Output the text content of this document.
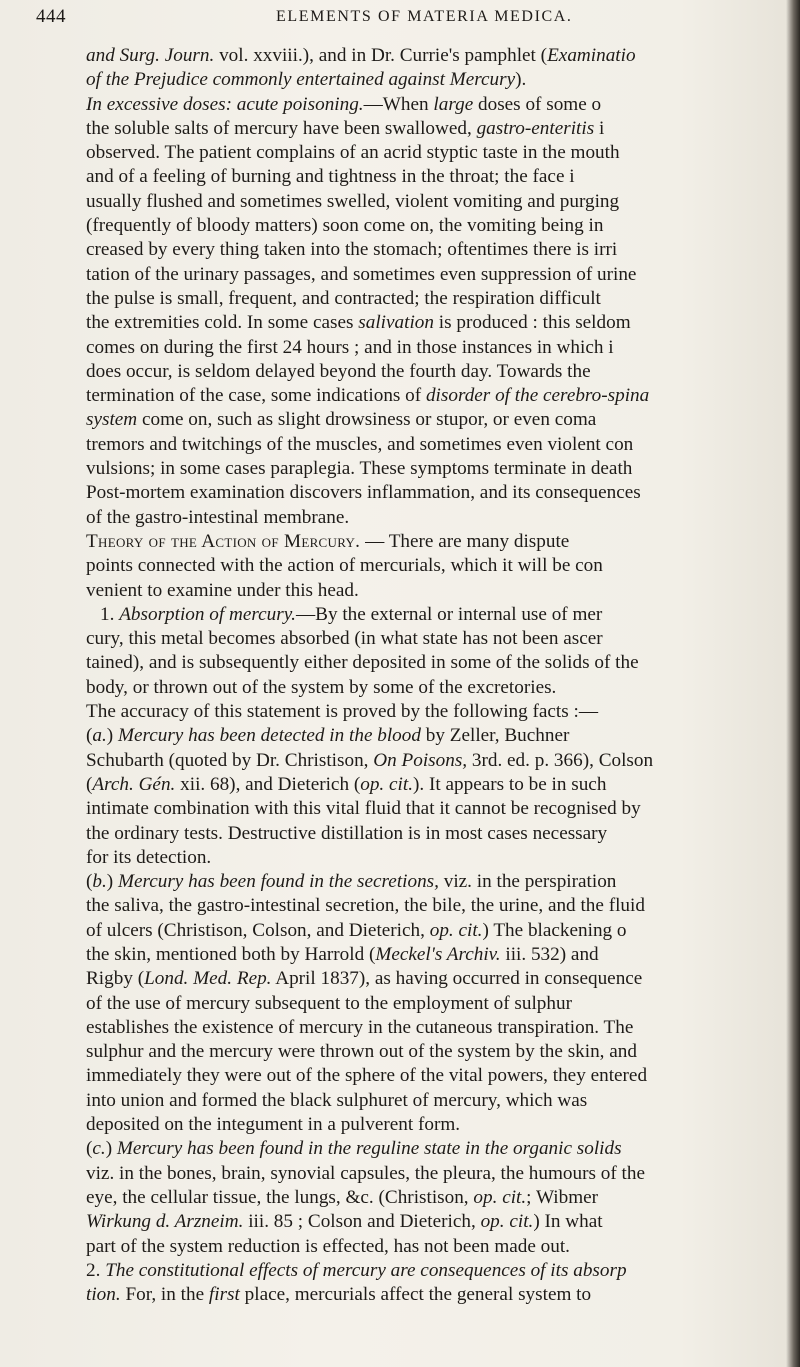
444	ELEMENTS OF MATERIA MEDICA.
and Surg. Journ. vol. xxviii.), and in Dr. Currie's pamphlet (Examinatio
of the Prejudice commonly entertained against Mercury).
In excessive doses: acute poisoning.—When large doses of some o
the soluble salts of mercury have been swallowed, gastro-enteritis i
observed. The patient complains of an acrid styptic taste in the mouth
and of a feeling of burning and tightness in the throat; the face i
usually flushed and sometimes swelled, violent vomiting and purging
(frequently of bloody matters) soon come on, the vomiting being in
creased by every thing taken into the stomach; oftentimes there is irri
tation of the urinary passages, and sometimes even suppression of urine
the pulse is small, frequent, and contracted; the respiration difficult
the extremities cold. In some cases salivation is produced : this seldom
comes on during the first 24 hours ; and in those instances in which i
does occur, is seldom delayed beyond the fourth day. Towards the
termination of the case, some indications of disorder of the cerebro-spina
system come on, such as slight drowsiness or stupor, or even coma
tremors and twitchings of the muscles, and sometimes even violent con
vulsions; in some cases paraplegia. These symptoms terminate in death
Post-mortem examination discovers inflammation, and its consequences
of the gastro-intestinal membrane.
Theory of the Action of Mercury. — There are many dispute
points connected with the action of mercurials, which it will be con
venient to examine under this head.
1. Absorption of mercury.—By the external or internal use of mer
cury, this metal becomes absorbed (in what state has not been ascer
tained), and is subsequently either deposited in some of the solids of the
body, or thrown out of the system by some of the excretories.
The accuracy of this statement is proved by the following facts :—
(a.) Mercury has been detected in the blood by Zeller, Buchner
Schubarth (quoted by Dr. Christison, On Poisons, 3rd. ed. p. 366), Colson
(Arch. Gén. xii. 68), and Dieterich (op. cit.). It appears to be in such
intimate combination with this vital fluid that it cannot be recognised by
the ordinary tests. Destructive distillation is in most cases necessary
for its detection.
(b.) Mercury has been found in the secretions, viz. in the perspiration
the saliva, the gastro-intestinal secretion, the bile, the urine, and the fluid
of ulcers (Christison, Colson, and Dieterich, op. cit.) The blackening o
the skin, mentioned both by Harrold (Meckel's Archiv. iii. 532) and
Rigby (Lond. Med. Rep. April 1837), as having occurred in consequence
of the use of mercury subsequent to the employment of sulphur
establishes the existence of mercury in the cutaneous transpiration. The
sulphur and the mercury were thrown out of the system by the skin, and
immediately they were out of the sphere of the vital powers, they entered
into union and formed the black sulphuret of mercury, which was
deposited on the integument in a pulverent form.
(c.) Mercury has been found in the reguline state in the organic solids
viz. in the bones, brain, synovial capsules, the pleura, the humours of the
eye, the cellular tissue, the lungs, &c. (Christison, op. cit.; Wibmer
Wirkung d. Arzneim. iii. 85 ; Colson and Dieterich, op. cit.) In what
part of the system reduction is effected, has not been made out.
2. The constitutional effects of mercury are consequences of its absorp
tion. For, in the first place, mercurials affect the general system to
